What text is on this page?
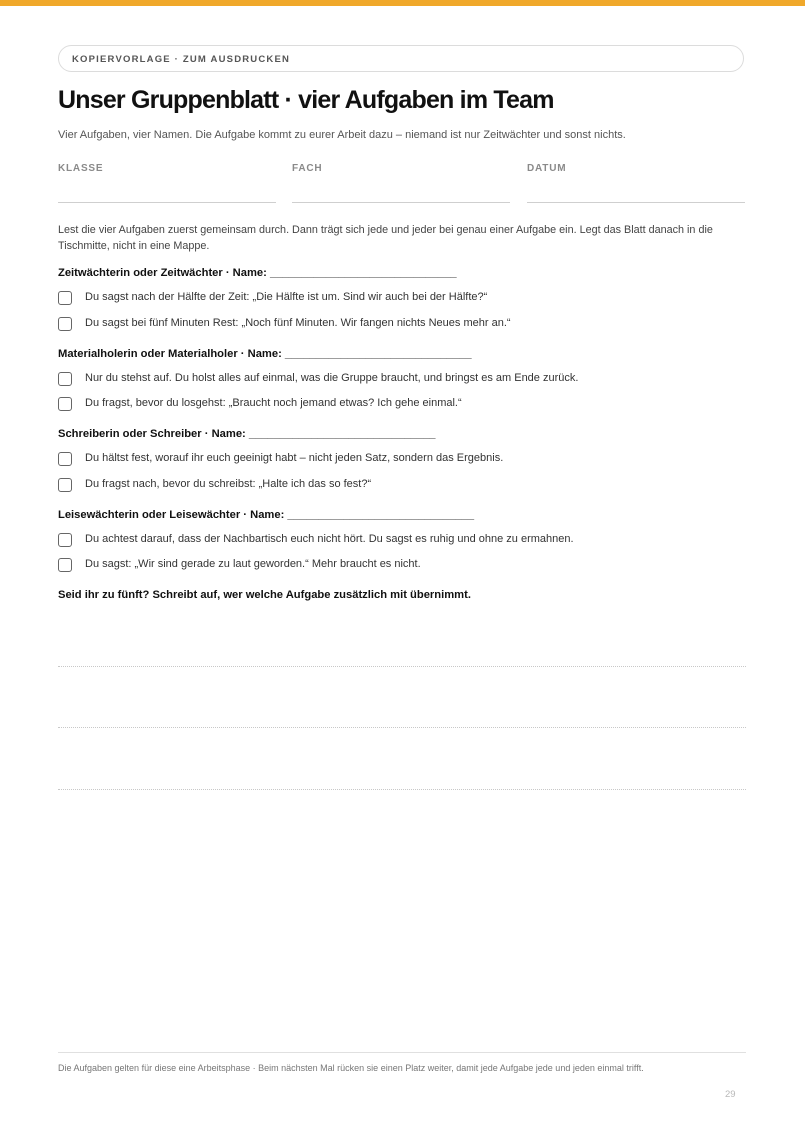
KOPIERVORLAGE · ZUM AUSDRUCKEN
Unser Gruppenblatt · vier Aufgaben im Team
Vier Aufgaben, vier Namen. Die Aufgabe kommt zu eurer Arbeit dazu – niemand ist nur Zeitwächter und sonst nichts.
KLASSE	FACH	DATUM
Lest die vier Aufgaben zuerst gemeinsam durch. Dann trägt sich jede und jeder bei genau einer Aufgabe ein. Legt das Blatt danach in die Tischmitte, nicht in eine Mappe.
Zeitwächterin oder Zeitwächter · Name: ______________________________
Du sagst nach der Hälfte der Zeit: „Die Hälfte ist um. Sind wir auch bei der Hälfte?“
Du sagst bei fünf Minuten Rest: „Noch fünf Minuten. Wir fangen nichts Neues mehr an.“
Materialholerin oder Materialholer · Name: ______________________________
Nur du stehst auf. Du holst alles auf einmal, was die Gruppe braucht, und bringst es am Ende zurück.
Du fragst, bevor du losgehst: „Braucht noch jemand etwas? Ich gehe einmal.“
Schreiberin oder Schreiber · Name: ______________________________
Du hältst fest, worauf ihr euch geeinigt habt – nicht jeden Satz, sondern das Ergebnis.
Du fragst nach, bevor du schreibst: „Halte ich das so fest?“
Leisewächterin oder Leisewächter · Name: ______________________________
Du achtest darauf, dass der Nachbartisch euch nicht hört. Du sagst es ruhig und ohne zu ermahnen.
Du sagst: „Wir sind gerade zu laut geworden.“ Mehr braucht es nicht.
Seid ihr zu fünft? Schreibt auf, wer welche Aufgabe zusätzlich mit übernimmt.
Die Aufgaben gelten für diese eine Arbeitsphase · Beim nächsten Mal rücken sie einen Platz weiter, damit jede Aufgabe jede und jeden einmal trifft.
29
